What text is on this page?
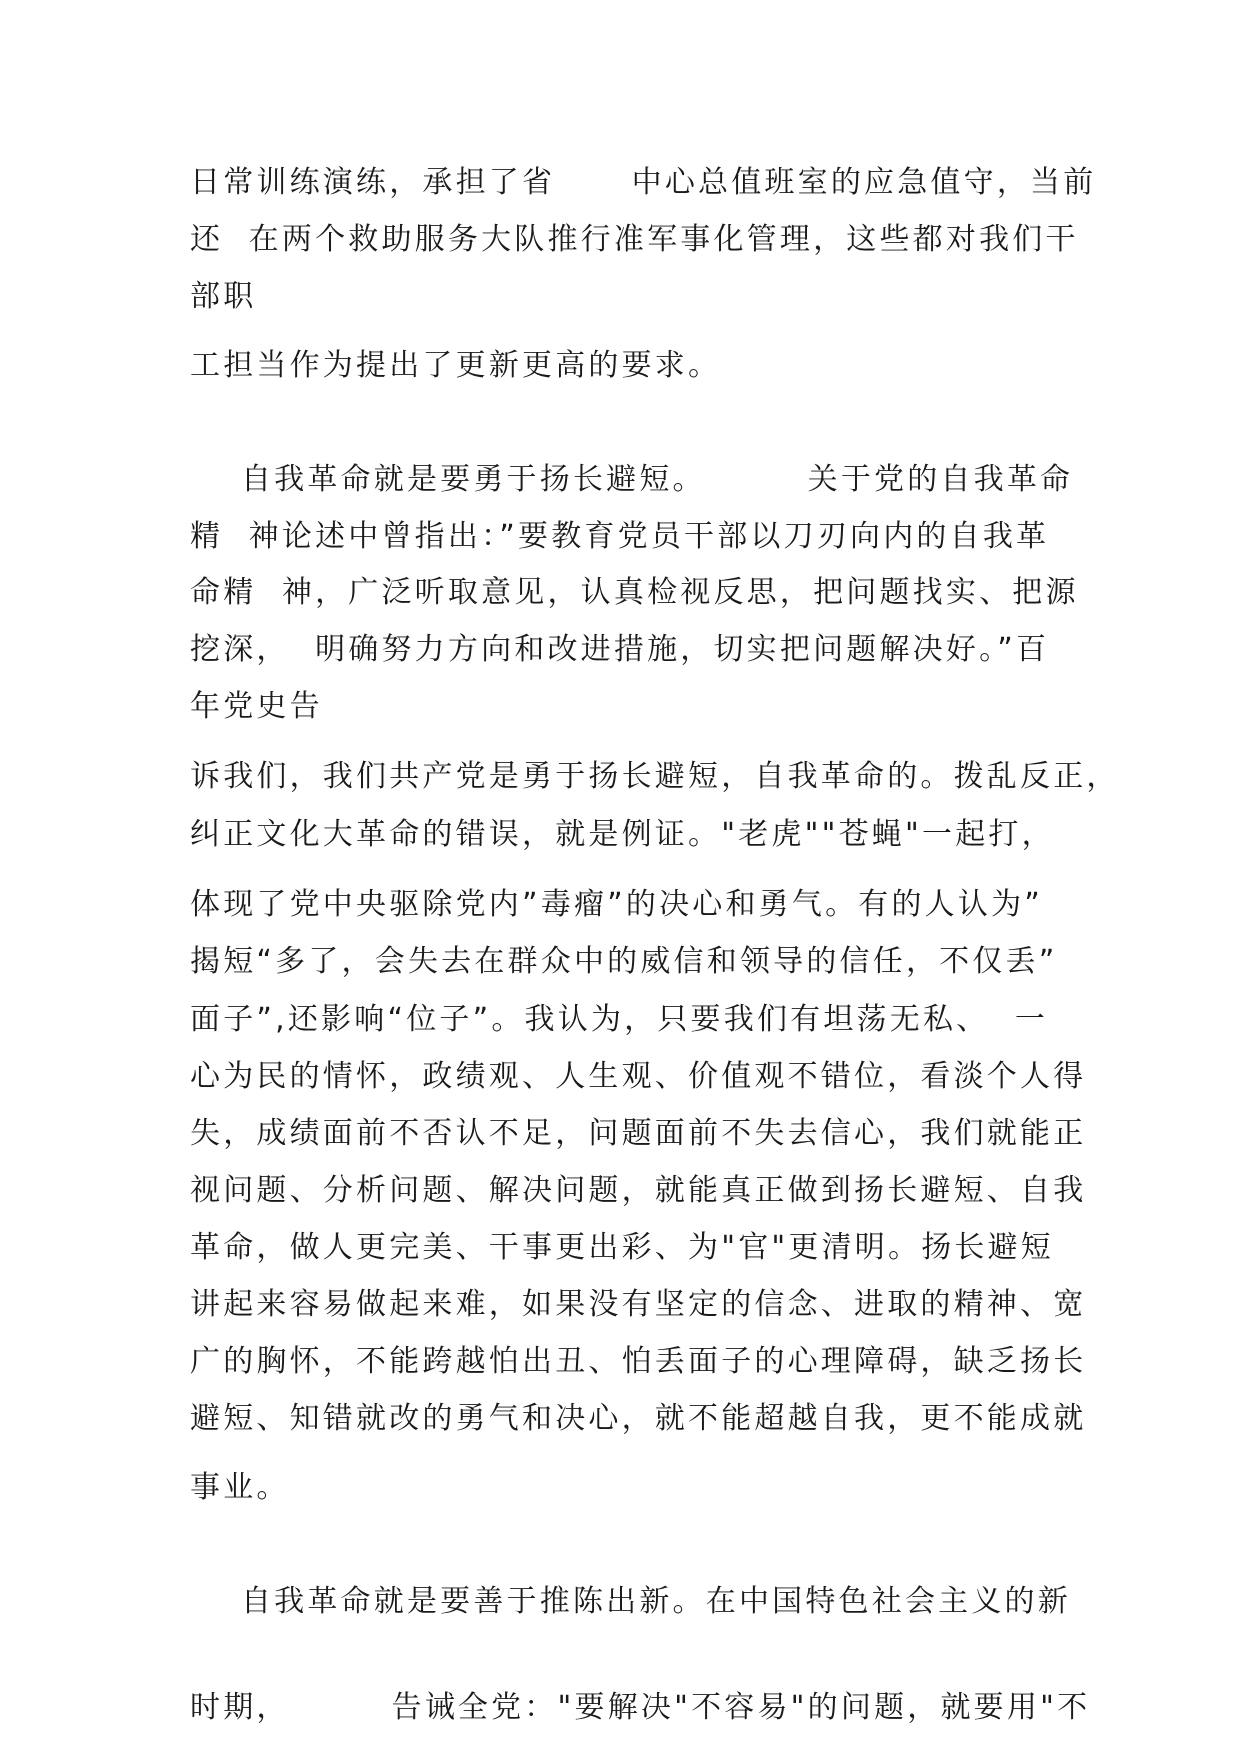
日常训练演练，承担了省      中心总值班室的应急值守，当前

还  在两个救助服务大队推行准军事化管理，这些都对我们干

部职

工担当作为提出了更新更高的要求。

自我革命就是要勇于扬长避短。        关于党的自我革命

精  神论述中曾指出：”要教育党员干部以刀刃向内的自我革

命精  神，广泛听取意见，认真检视反思，把问题找实、把源

挖深，  明确努力方向和改进措施，切实把问题解决好。”百

年党史告

诉我们，我们共产党是勇于扬长避短，自我革命的。拨乱反正，

纠正文化大革命的错误，就是例证。"老虎""苍蝇"一起打，

体现了党中央驱除党内”毒瘤”的决心和勇气。有的人认为”

揭短“多了，会失去在群众中的威信和领导的信任，不仅丢”

面子”,还影响“位子”。我认为，只要我们有坦荡无私、  一

心为民的情怀，政绩观、人生观、价值观不错位，看淡个人得

失，成绩面前不否认不足，问题面前不失去信心，我们就能正

视问题、分析问题、解决问题，就能真正做到扬长避短、自我

革命，做人更完美、干事更出彩、为"官"更清明。扬长避短

讲起来容易做起来难，如果没有坚定的信念、进取的精神、宽

广的胸怀，不能跨越怕出丑、怕丢面子的心理障碍，缺乏扬长

避短、知错就改的勇气和决心，就不能超越自我，更不能成就

事业。

自我革命就是要善于推陈出新。在中国特色社会主义的新

时期，        告诫全党："要解决"不容易"的问题，就要用"不
